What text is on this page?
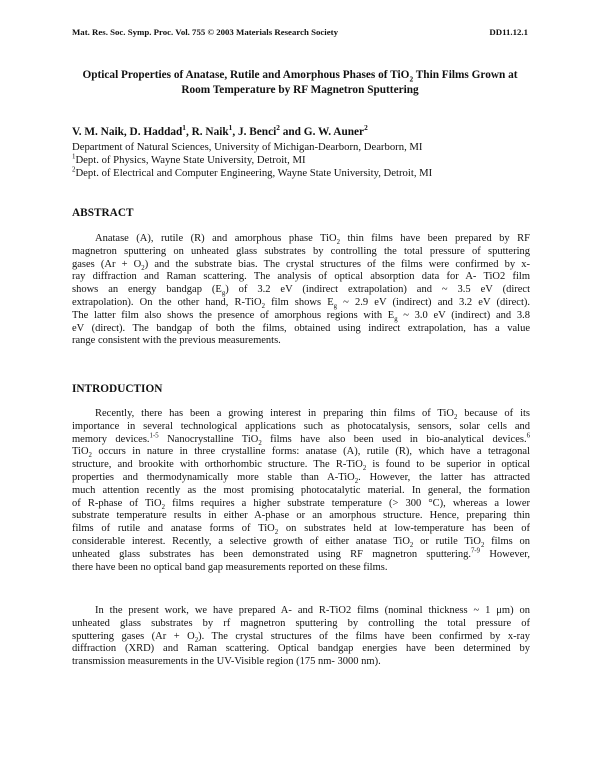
Mat. Res. Soc. Symp. Proc. Vol. 755 © 2003 Materials Research Society	DD11.12.1
Optical Properties of Anatase, Rutile and Amorphous Phases of TiO$_2$ Thin Films Grown at
Room Temperature by RF Magnetron Sputtering
V. M. Naik, D. Haddad$^1$, R. Naik$^1$, J. Benci$^2$ and G. W. Auner$^2$
Department of Natural Sciences, University of Michigan-Dearborn, Dearborn, MI
$^1$Dept. of Physics, Wayne State University, Detroit, MI
$^2$Dept. of Electrical and Computer Engineering, Wayne State University, Detroit, MI
ABSTRACT
Anatase (A), rutile (R) and amorphous phase TiO$_2$ thin films have been prepared by RF
magnetron sputtering on unheated glass substrates by controlling the total pressure of sputtering
gases $(Ar + O_2)$ and the substrate bias. The crystal structures of the films were confirmed by x-
ray diffraction and Raman scattering. The analysis of optical absorption data for A- TiO2 film
shows an energy bandgap $(E_g)$ of 3.2 eV (indirect extrapolation) and ~ 3.5 eV (direct
extrapolation). On the other hand, R-TiO$_2$ film shows $E_g$ ~ 2.9 eV (indirect) and 3.2 eV (direct).
The latter film also shows the presence of amorphous regions with $E_g$ ~ 3.0 eV (indirect) and 3.8
eV (direct). The bandgap of both the films, obtained using indirect extrapolation, has a value
range consistent with the previous measurements.
INTRODUCTION
Recently, there has been a growing interest in preparing thin films of TiO$_2$ because of its
importance in several technological applications such as photocatalysis, sensors, solar cells and
memory devices.$^{1-5}$ Nanocrystalline TiO$_2$ films have also been used in bio-analytical devices.$^6$
TiO$_2$ occurs in nature in three crystalline forms: anatase (A), rutile (R), which have a tetragonal
structure, and brookite with orthorhombic structure. The R-TiO$_2$ is found to be superior in optical
properties and thermodynamically more stable than A-TiO$_2$. However, the latter has attracted
much attention recently as the most promising photocatalytic material. In general, the formation
of R-phase of TiO$_2$ films requires a higher substrate temperature (> 300 °C), whereas a lower
substrate temperature results in either A-phase or an amorphous structure. Hence, preparing thin
films of rutile and anatase forms of TiO$_2$ on substrates held at low-temperature has been of
considerable interest. Recently, a selective growth of either anatase TiO$_2$ or rutile TiO$_2$ films on
unheated glass substrates has been demonstrated using RF magnetron sputtering.$^{7-9}$ However,
there have been no optical band gap measurements reported on these films.
In the present work, we have prepared A- and R-TiO2 films (nominal thickness ~ 1 μm) on
unheated glass substrates by rf magnetron sputtering by controlling the total pressure of
sputtering gases $(Ar + O_2)$. The crystal structures of the films have been confirmed by x-ray
diffraction (XRD) and Raman scattering. Optical bandgap energies have been determined by
transmission measurements in the UV-Visible region (175 nm- 3000 nm).
